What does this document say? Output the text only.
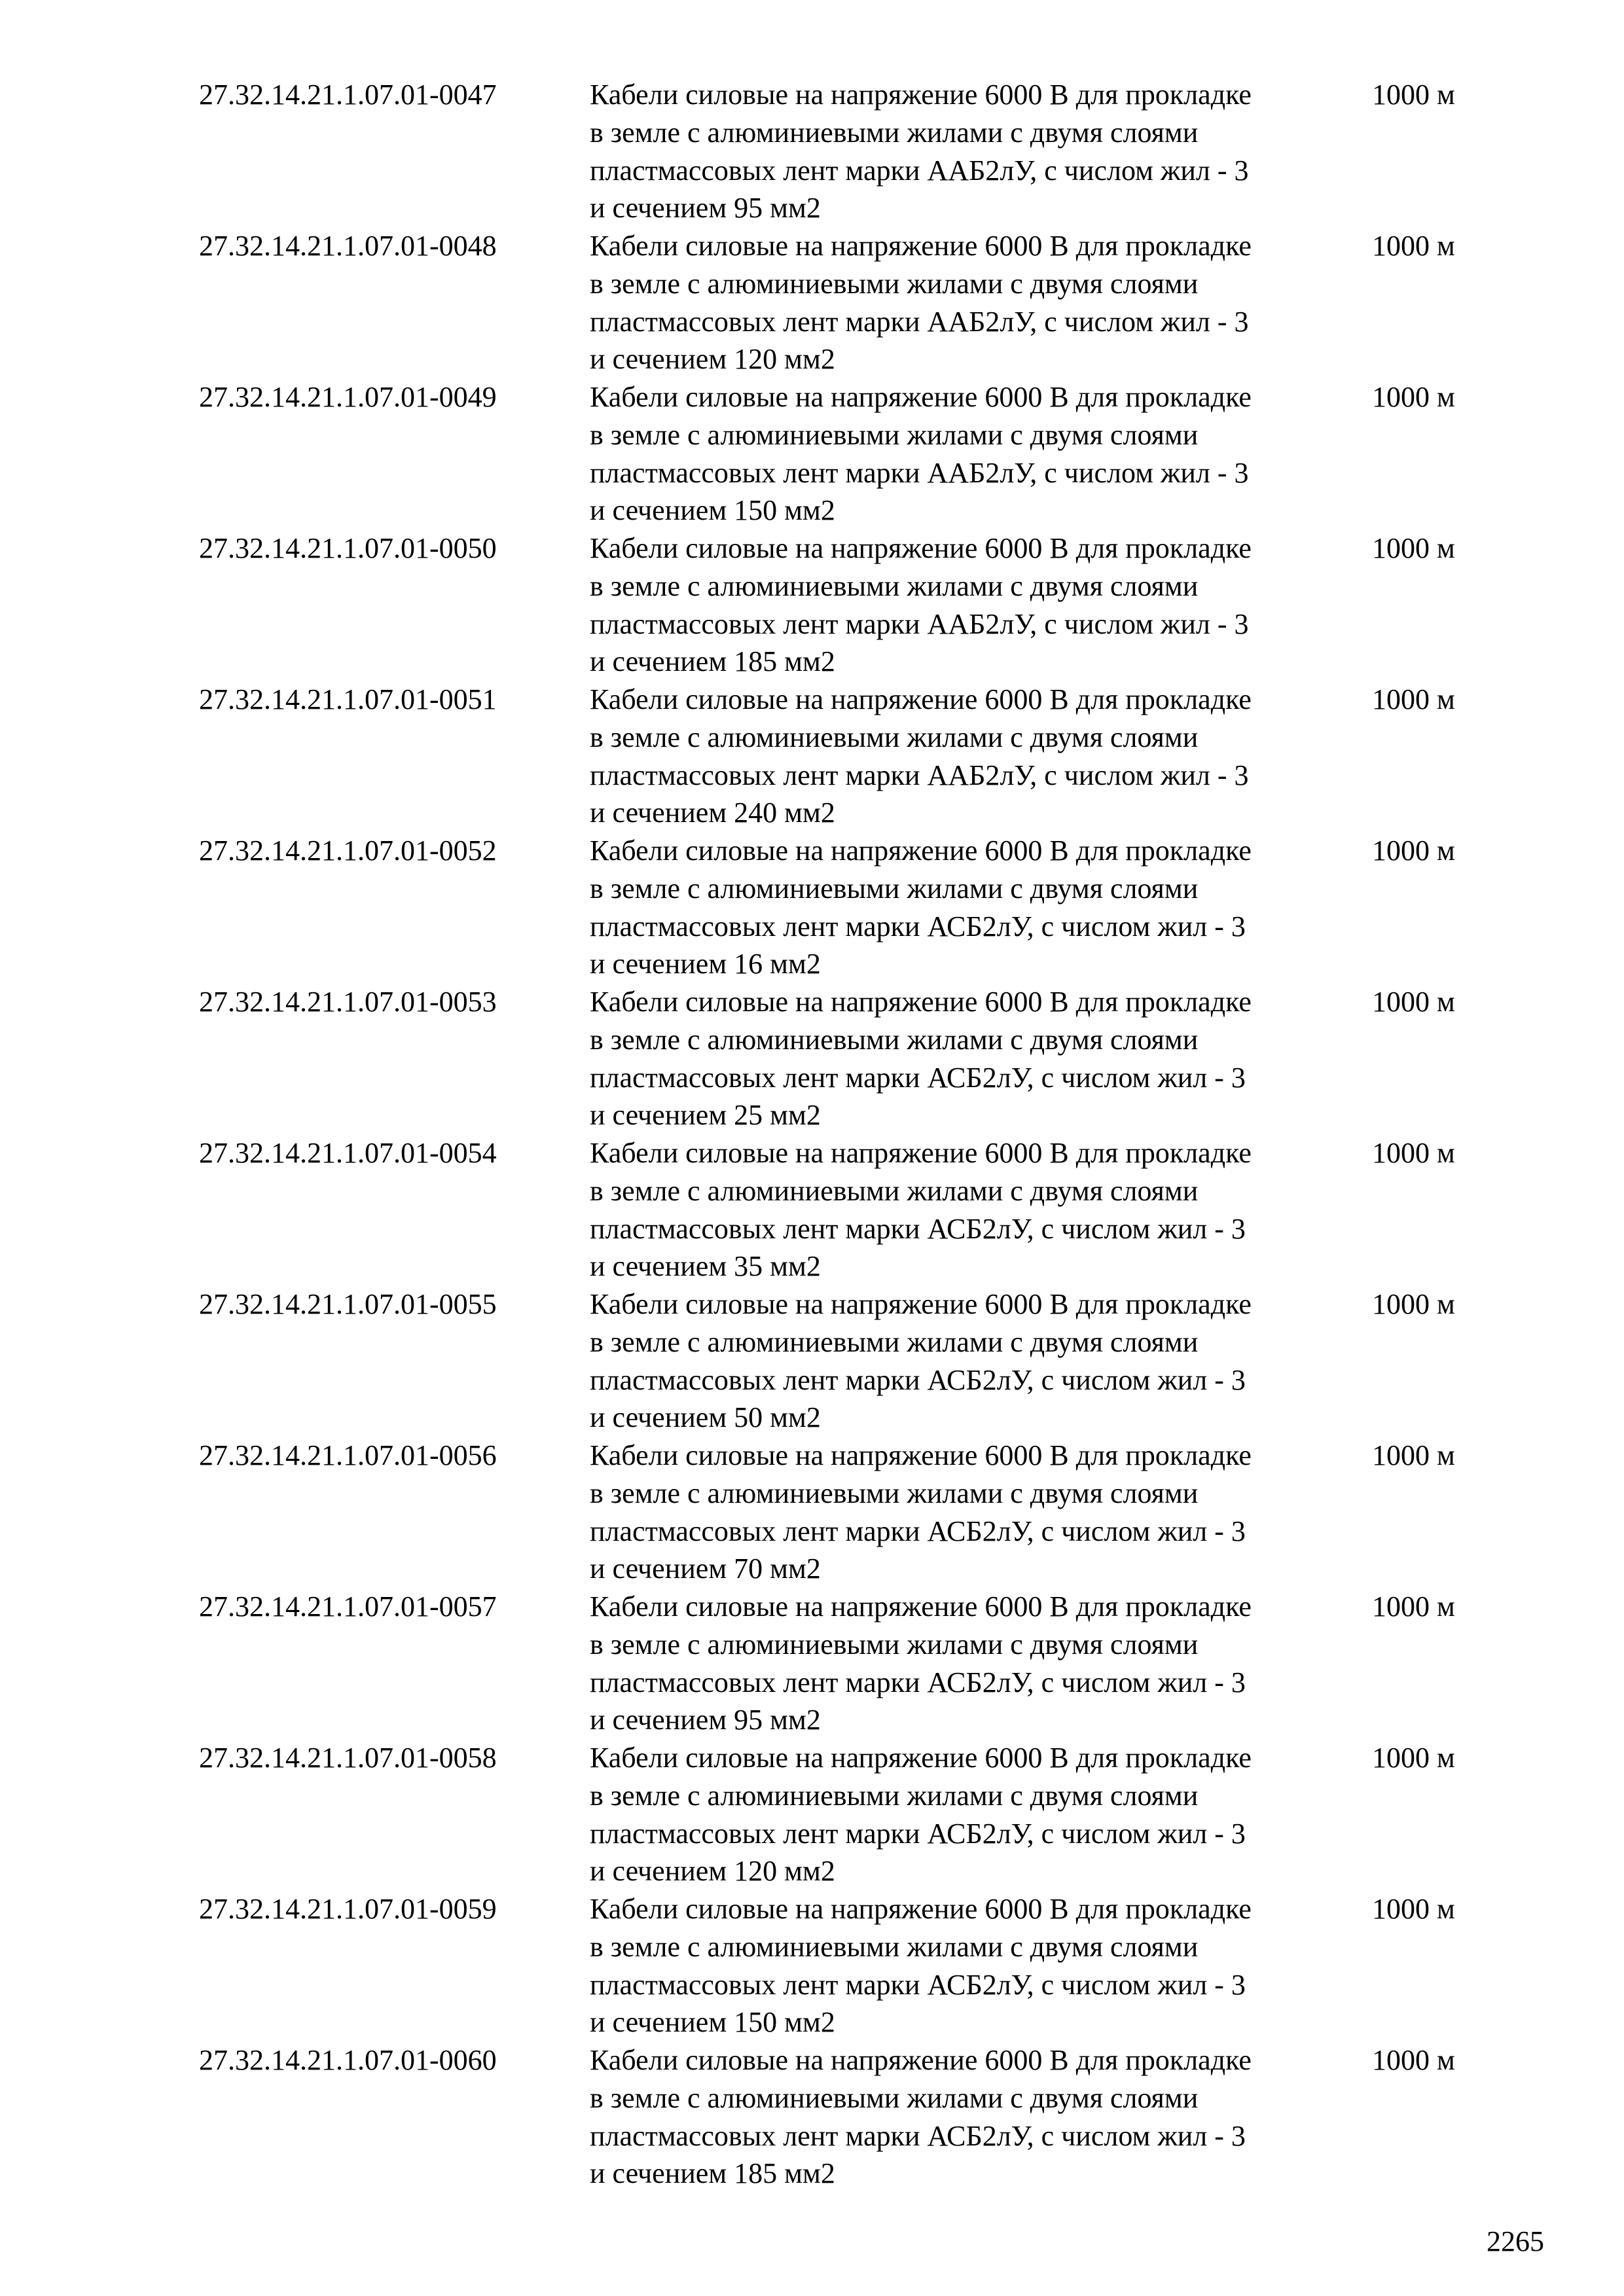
27.32.14.21.1.07.01-0047	Кабели силовые на напряжение 6000 В для прокладке
в земле с алюминиевыми жилами с двумя слоями
пластмассовых лент марки ААБ2лУ, с числом жил - 3
и сечением 95 мм2
1000 м
27.32.14.21.1.07.01-0048	Кабели силовые на напряжение 6000 В для прокладке
в земле с алюминиевыми жилами с двумя слоями
пластмассовых лент марки ААБ2лУ, с числом жил - 3
и сечением 120 мм2
1000 м
27.32.14.21.1.07.01-0049	Кабели силовые на напряжение 6000 В для прокладке
в земле с алюминиевыми жилами с двумя слоями
пластмассовых лент марки ААБ2лУ, с числом жил - 3
и сечением 150 мм2
1000 м
27.32.14.21.1.07.01-0050	Кабели силовые на напряжение 6000 В для прокладке
в земле с алюминиевыми жилами с двумя слоями
пластмассовых лент марки ААБ2лУ, с числом жил - 3
и сечением 185 мм2
1000 м
27.32.14.21.1.07.01-0051	Кабели силовые на напряжение 6000 В для прокладке
в земле с алюминиевыми жилами с двумя слоями
пластмассовых лент марки ААБ2лУ, с числом жил - 3
и сечением 240 мм2
1000 м
27.32.14.21.1.07.01-0052	Кабели силовые на напряжение 6000 В для прокладке
в земле с алюминиевыми жилами с двумя слоями
пластмассовых лент марки АСБ2лУ, с числом жил - 3
и сечением 16 мм2
1000 м
27.32.14.21.1.07.01-0053	Кабели силовые на напряжение 6000 В для прокладке
в земле с алюминиевыми жилами с двумя слоями
пластмассовых лент марки АСБ2лУ, с числом жил - 3
и сечением 25 мм2
1000 м
27.32.14.21.1.07.01-0054	Кабели силовые на напряжение 6000 В для прокладке
в земле с алюминиевыми жилами с двумя слоями
пластмассовых лент марки АСБ2лУ, с числом жил - 3
и сечением 35 мм2
1000 м
27.32.14.21.1.07.01-0055	Кабели силовые на напряжение 6000 В для прокладке
в земле с алюминиевыми жилами с двумя слоями
пластмассовых лент марки АСБ2лУ, с числом жил - 3
и сечением 50 мм2
1000 м
27.32.14.21.1.07.01-0056	Кабели силовые на напряжение 6000 В для прокладке
в земле с алюминиевыми жилами с двумя слоями
пластмассовых лент марки АСБ2лУ, с числом жил - 3
и сечением 70 мм2
1000 м
27.32.14.21.1.07.01-0057	Кабели силовые на напряжение 6000 В для прокладке
в земле с алюминиевыми жилами с двумя слоями
пластмассовых лент марки АСБ2лУ, с числом жил - 3
и сечением 95 мм2
1000 м
27.32.14.21.1.07.01-0058	Кабели силовые на напряжение 6000 В для прокладке
в земле с алюминиевыми жилами с двумя слоями
пластмассовых лент марки АСБ2лУ, с числом жил - 3
и сечением 120 мм2
1000 м
27.32.14.21.1.07.01-0059	Кабели силовые на напряжение 6000 В для прокладке
в земле с алюминиевыми жилами с двумя слоями
пластмассовых лент марки АСБ2лУ, с числом жил - 3
и сечением 150 мм2
1000 м
27.32.14.21.1.07.01-0060	Кабели силовые на напряжение 6000 В для прокладке
в земле с алюминиевыми жилами с двумя слоями
пластмассовых лент марки АСБ2лУ, с числом жил - 3
и сечением 185 мм2
1000 м
2265
